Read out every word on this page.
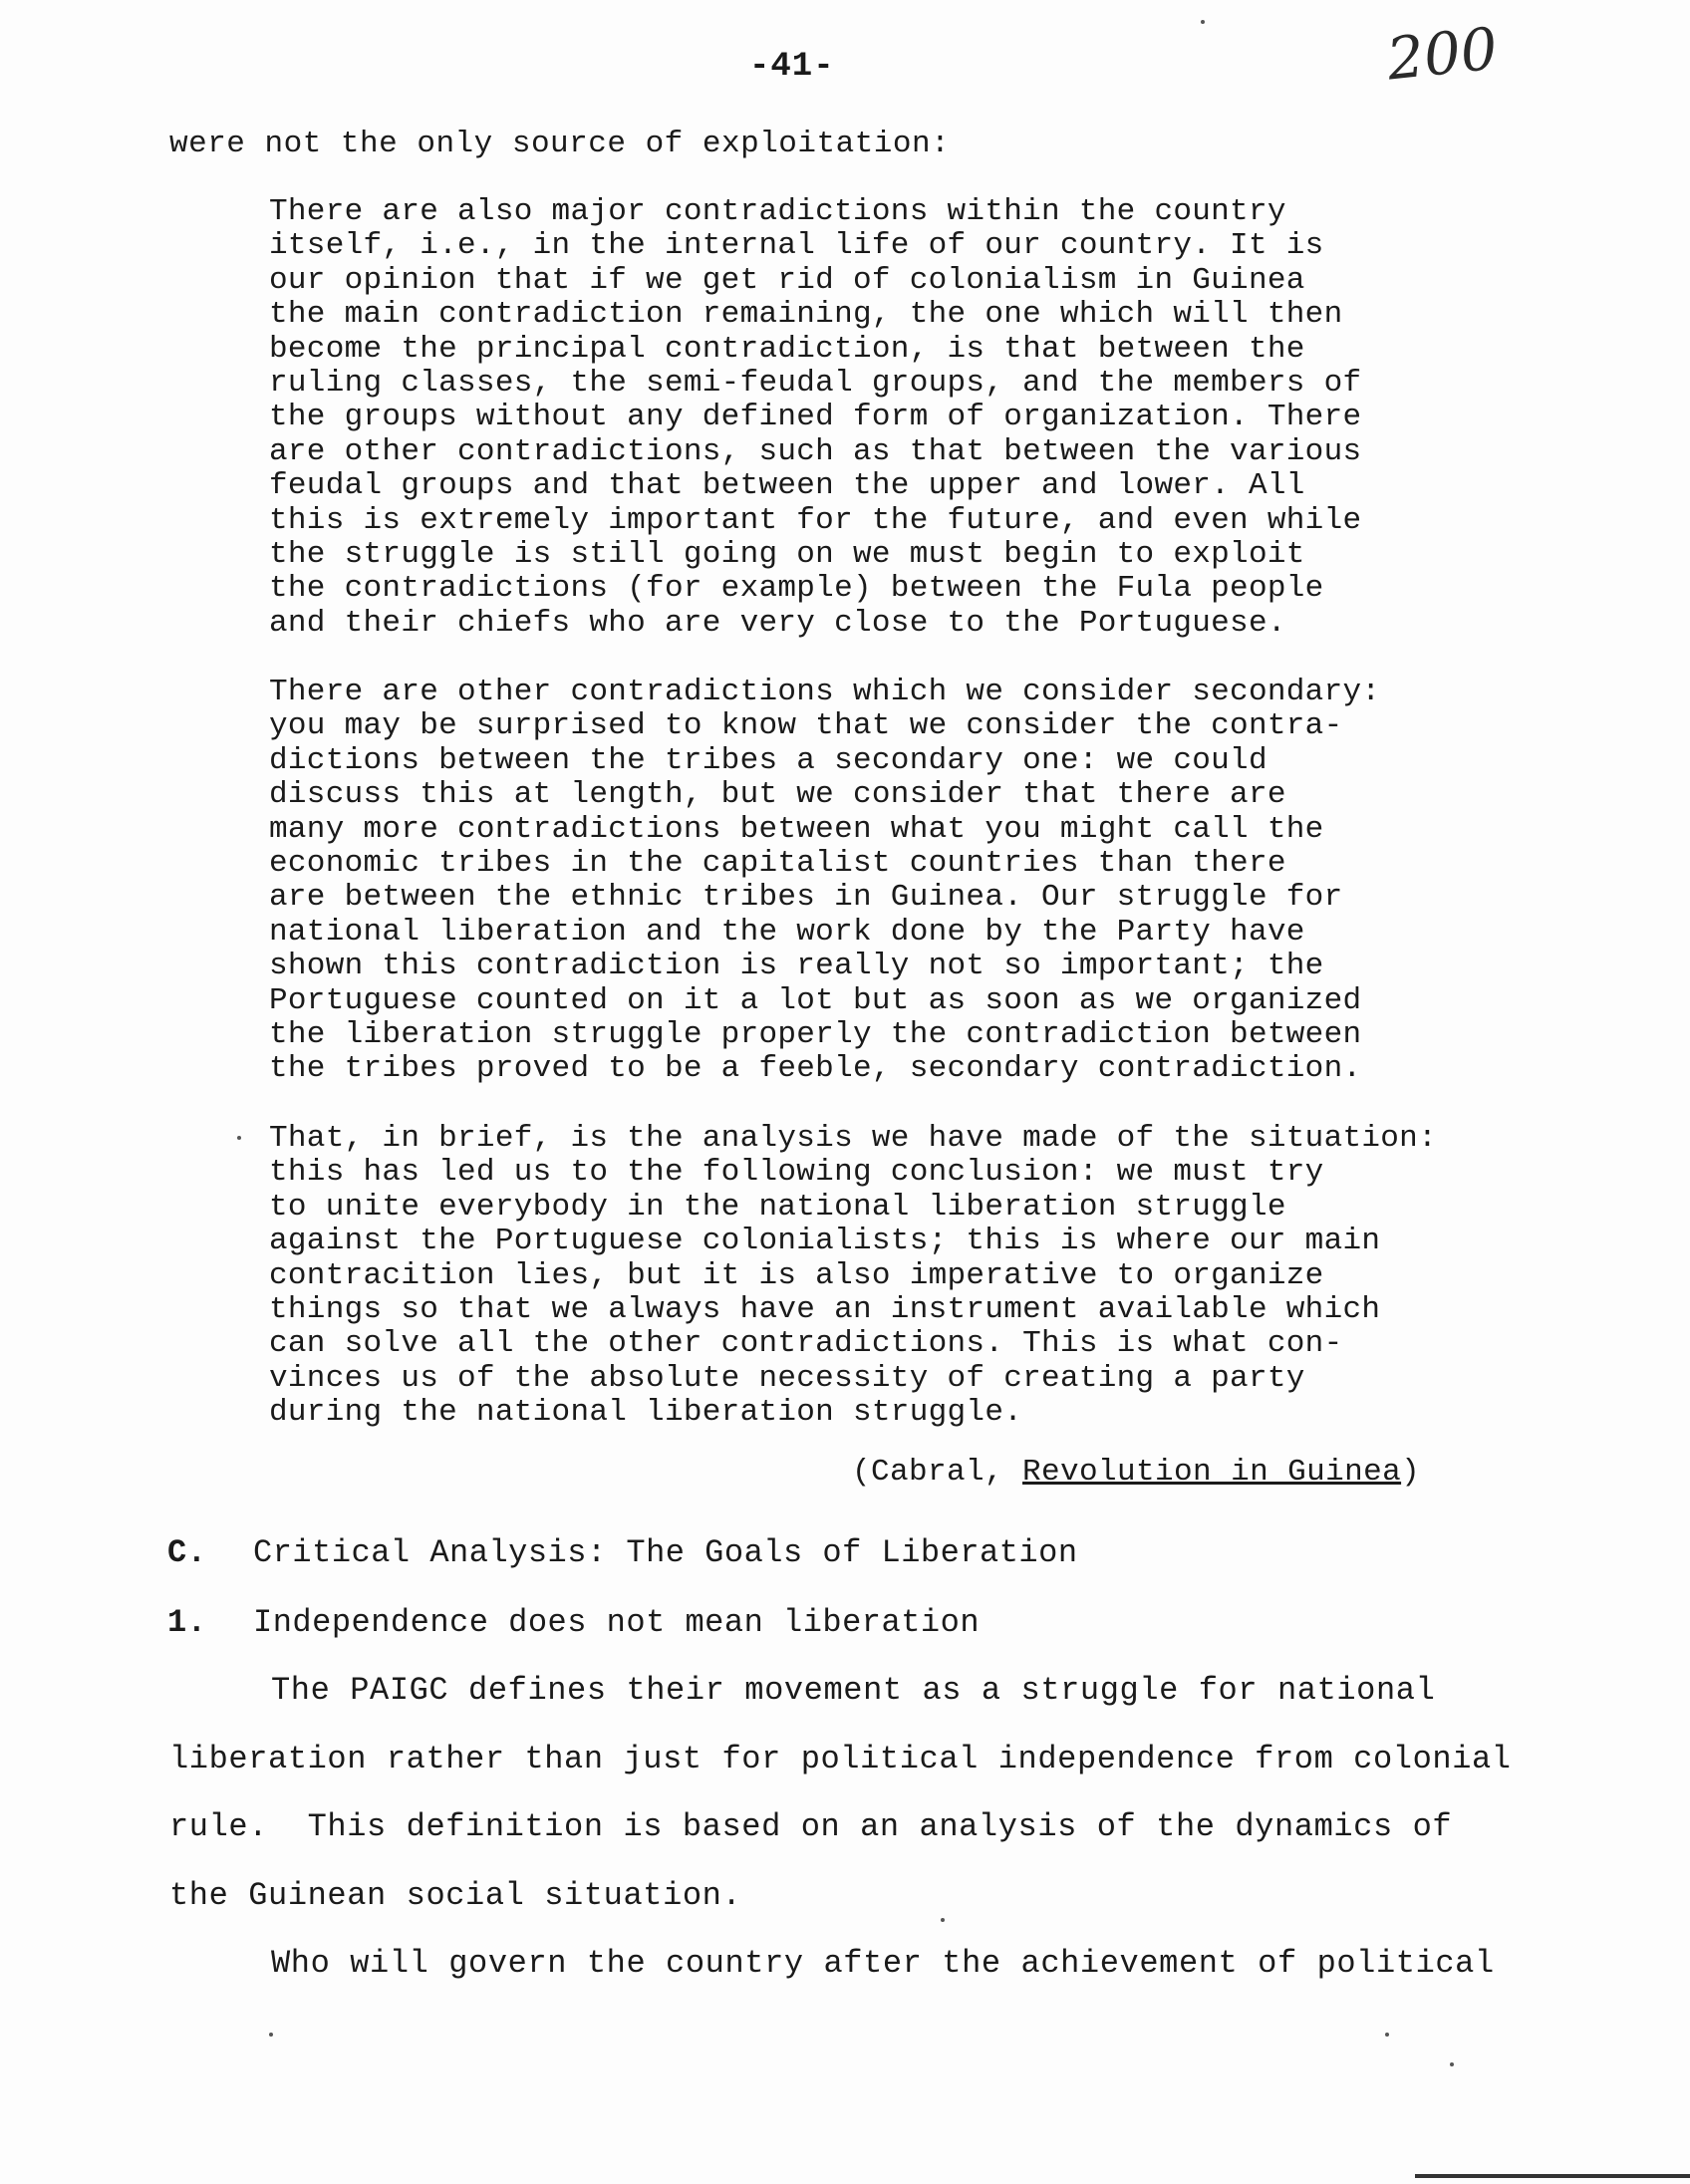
-41-	200
were not the only source of exploitation:

There are also major contradictions within the country
itself, i.e., in the internal life of our country. It is
our opinion that if we get rid of colonialism in Guinea
the main contradiction remaining, the one which will then
become the principal contradiction, is that between the
ruling classes, the semi-feudal groups, and the members of
the groups without any defined form of organization. There
are other contradictions, such as that between the various
feudal groups and that between the upper and lower. All
this is extremely important for the future, and even while
the struggle is still going on we must begin to exploit
the contradictions (for example) between the Fula people
and their chiefs who are very close to the Portuguese.

There are other contradictions which we consider secondary:
you may be surprised to know that we consider the contra-
dictions between the tribes a secondary one: we could
discuss this at length, but we consider that there are
many more contradictions between what you might call the
economic tribes in the capitalist countries than there
are between the ethnic tribes in Guinea. Our struggle for
national liberation and the work done by the Party have
shown this contradiction is really not so important; the
Portuguese counted on it a lot but as soon as we organized
the liberation struggle properly the contradiction between
the tribes proved to be a feeble, secondary contradiction.

That, in brief, is the analysis we have made of the situation:
this has led us to the following conclusion: we must try
to unite everybody in the national liberation struggle
against the Portuguese colonialists; this is where our main
contracition lies, but it is also imperative to organize
things so that we always have an instrument available which
can solve all the other contradictions. This is what con-
vinces us of the absolute necessity of creating a party
during the national liberation struggle.

(Cabral, Revolution in Guinea)
C. Critical Analysis: The Goals of Liberation
1. Independence does not mean liberation
The PAIGC defines their movement as a struggle for national
liberation rather than just for political independence from colonial
rule.  This definition is based on an analysis of the dynamics of
the Guinean social situation.
Who will govern the country after the achievement of political
